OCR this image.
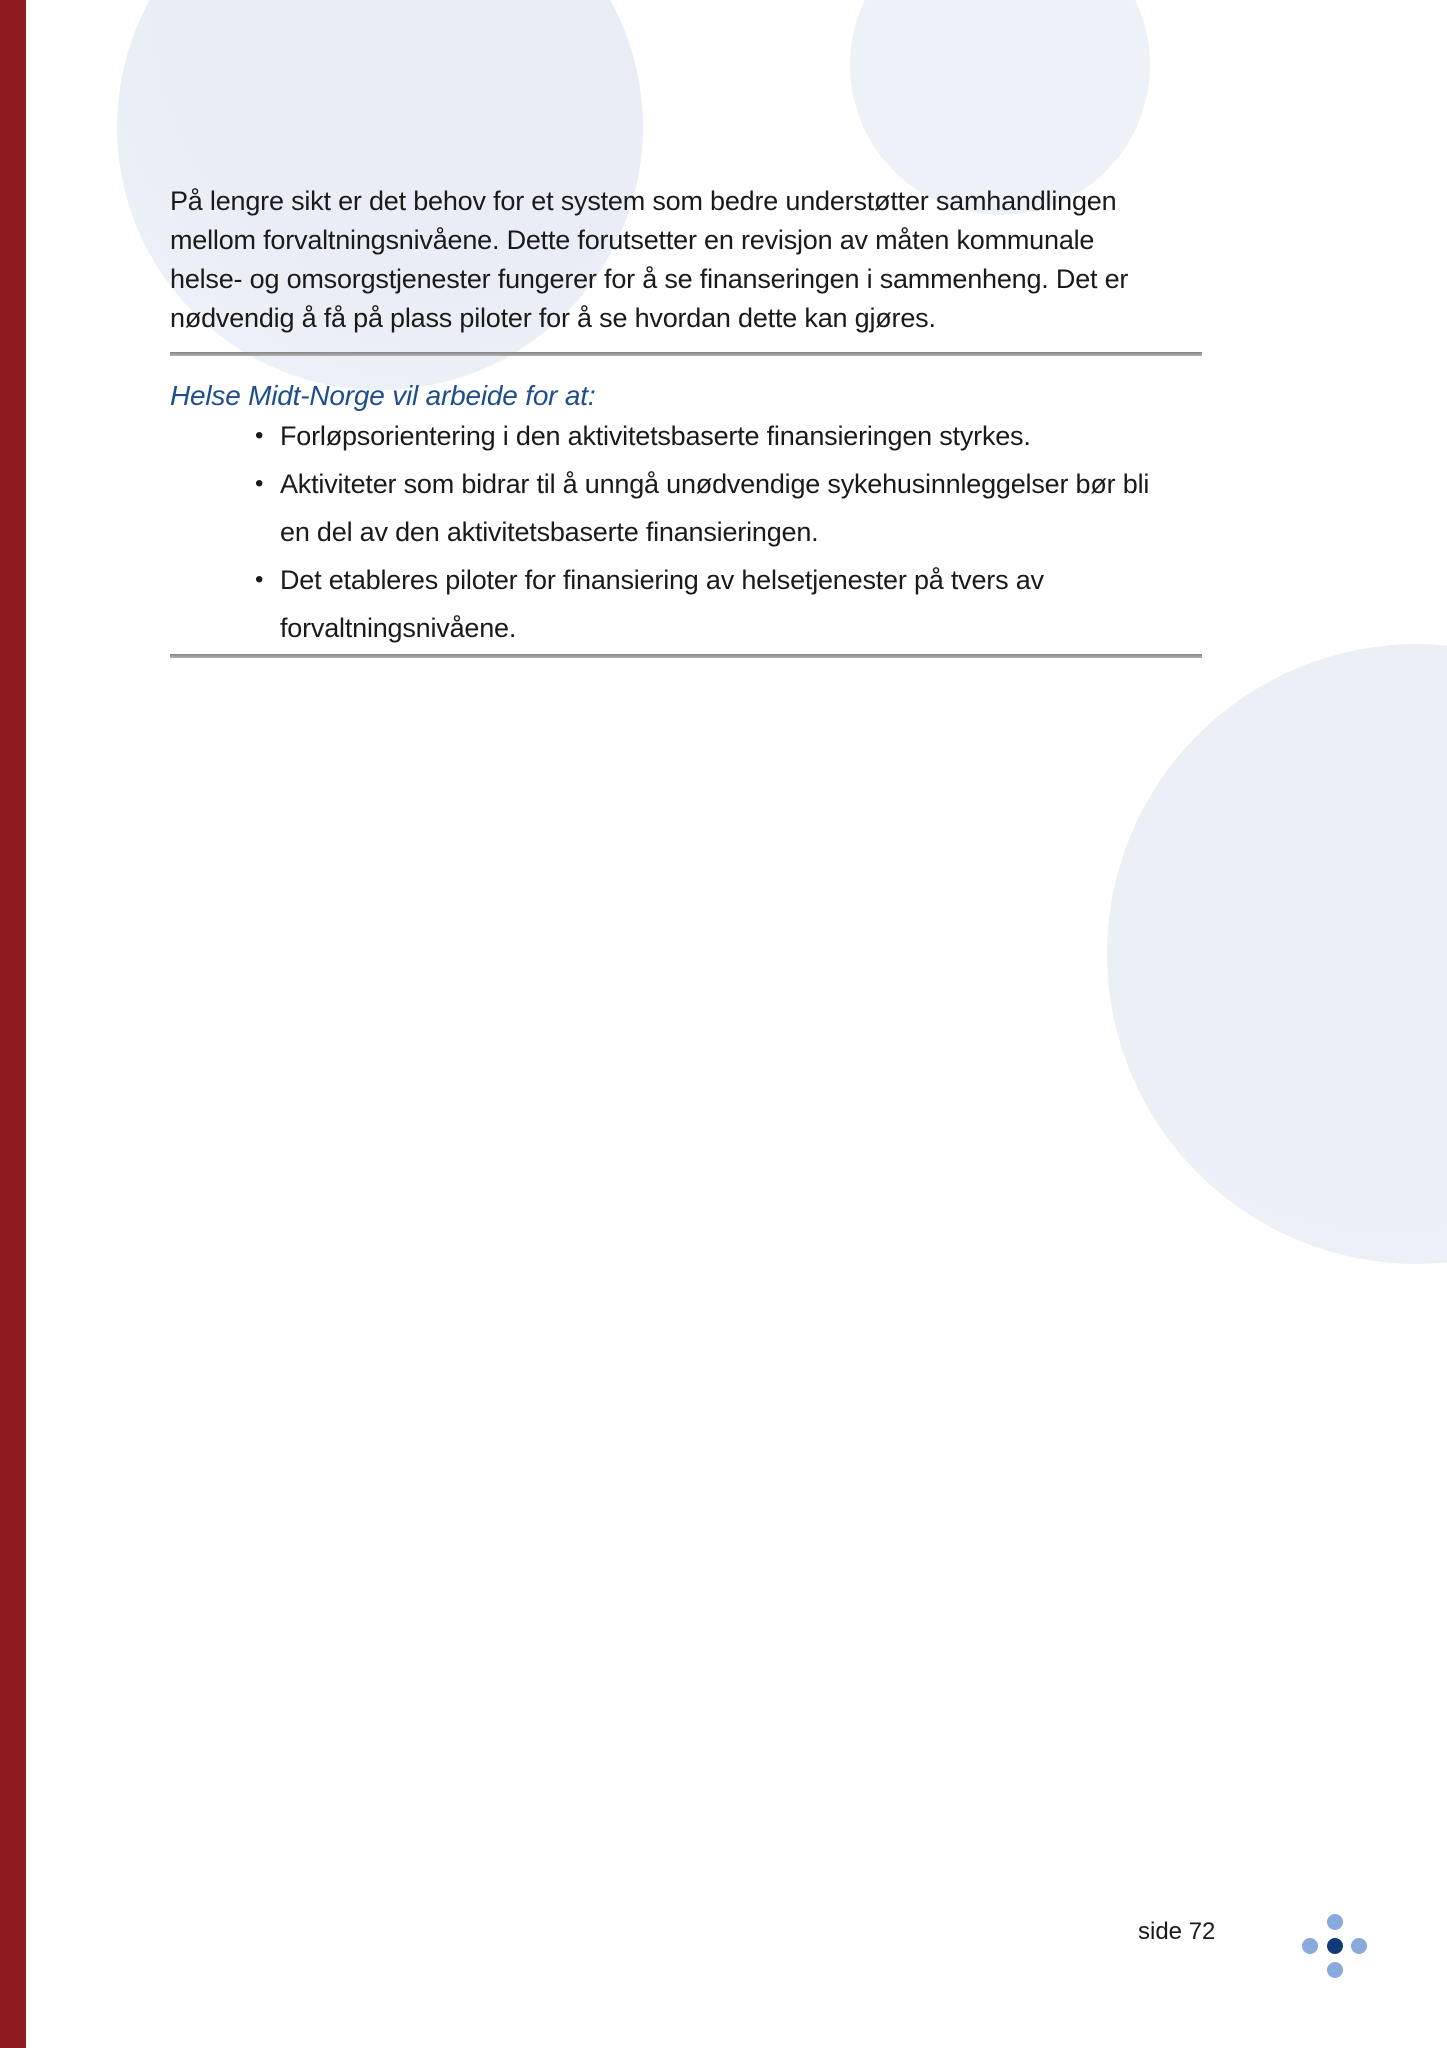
På lengre sikt er det behov for et system som bedre understøtter samhandlingen
mellom forvaltningsnivåene. Dette forutsetter en revisjon av måten kommunale
helse- og omsorgstjenester fungerer for å se finanseringen i sammenheng. Det er
nødvendig å få på plass piloter for å se hvordan dette kan gjøres.
Helse Midt-Norge vil arbeide for at:
• Forløpsorientering i den aktivitetsbaserte finansieringen styrkes.
• Aktiviteter som bidrar til å unngå unødvendige sykehusinnleggelser bør bli
en del av den aktivitetsbaserte finansieringen.
• Det etableres piloter for finansiering av helsetjenester på tvers av
forvaltningsnivåene.
side 72
